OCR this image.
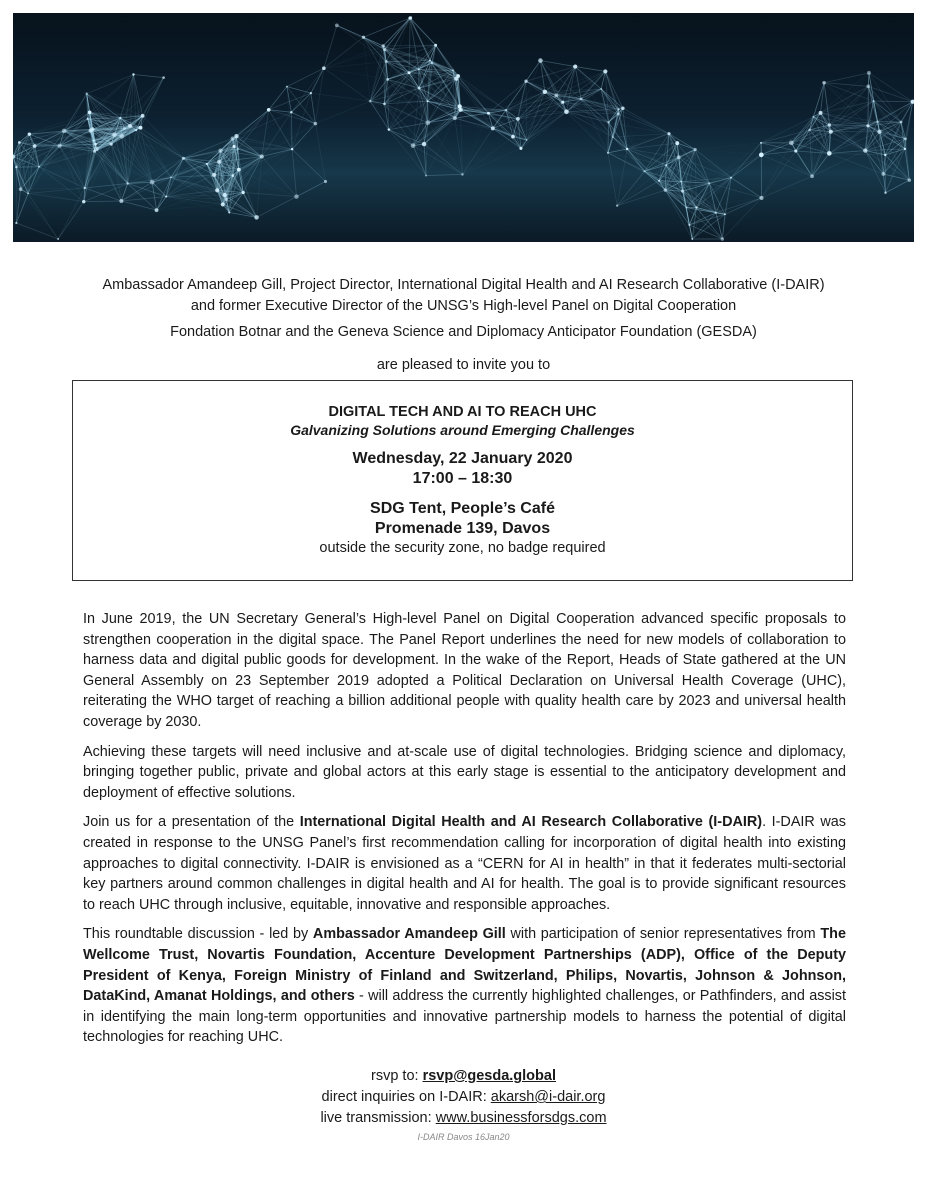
Ambassador Amandeep Gill, Project Director, International Digital Health and AI Research Collaborative (I-DAIR)

and former Executive Director of the UNSG’s High-level Panel on Digital Cooperation

Fondation Botnar and the Geneva Science and Diplomacy Anticipator Foundation (GESDA)

are pleased to invite you to

DIGITAL TECH AND AI TO REACH UHC
Galvanizing Solutions around Emerging Challenges
Wednesday, 22 January 2020
17:00 – 18:30
SDG Tent, People’s Café
Promenade 139, Davos
outside the security zone, no badge required

In June 2019, the UN Secretary General’s High-level Panel on Digital Cooperation advanced specific proposals to strengthen cooperation in the digital space. The Panel Report underlines the need for new models of collaboration to harness data and digital public goods for development. In the wake of the Report, Heads of State gathered at the UN General Assembly on 23 September 2019 adopted a Political Declaration on Universal Health Coverage (UHC), reiterating the WHO target of reaching a billion additional people with quality health care by 2023 and universal health coverage by 2030.

Achieving these targets will need inclusive and at-scale use of digital technologies. Bridging science and diplomacy, bringing together public, private and global actors at this early stage is essential to the anticipatory development and deployment of effective solutions.

Join us for a presentation of the International Digital Health and AI Research Collaborative (I-DAIR). I-DAIR was created in response to the UNSG Panel’s first recommendation calling for incorporation of digital health into existing approaches to digital connectivity. I-DAIR is envisioned as a “CERN for AI in health” in that it federates multi-sectorial key partners around common challenges in digital health and AI for health. The goal is to provide significant resources to reach UHC through inclusive, equitable, innovative and responsible approaches.

This roundtable discussion - led by Ambassador Amandeep Gill with participation of senior representatives from The Wellcome Trust, Novartis Foundation, Accenture Development Partnerships (ADP), Office of the Deputy President of Kenya, Foreign Ministry of Finland and Switzerland, Philips, Novartis, Johnson & Johnson, DataKind, Amanat Holdings, and others - will address the currently highlighted challenges, or Pathfinders, and assist in identifying the main long-term opportunities and innovative partnership models to harness the potential of digital technologies for reaching UHC.

rsvp to: rsvp@gesda.global

direct inquiries on I-DAIR: akarsh@i-dair.org

live transmission: www.businessforsdgs.com

I-DAIR Davos 16Jan20
